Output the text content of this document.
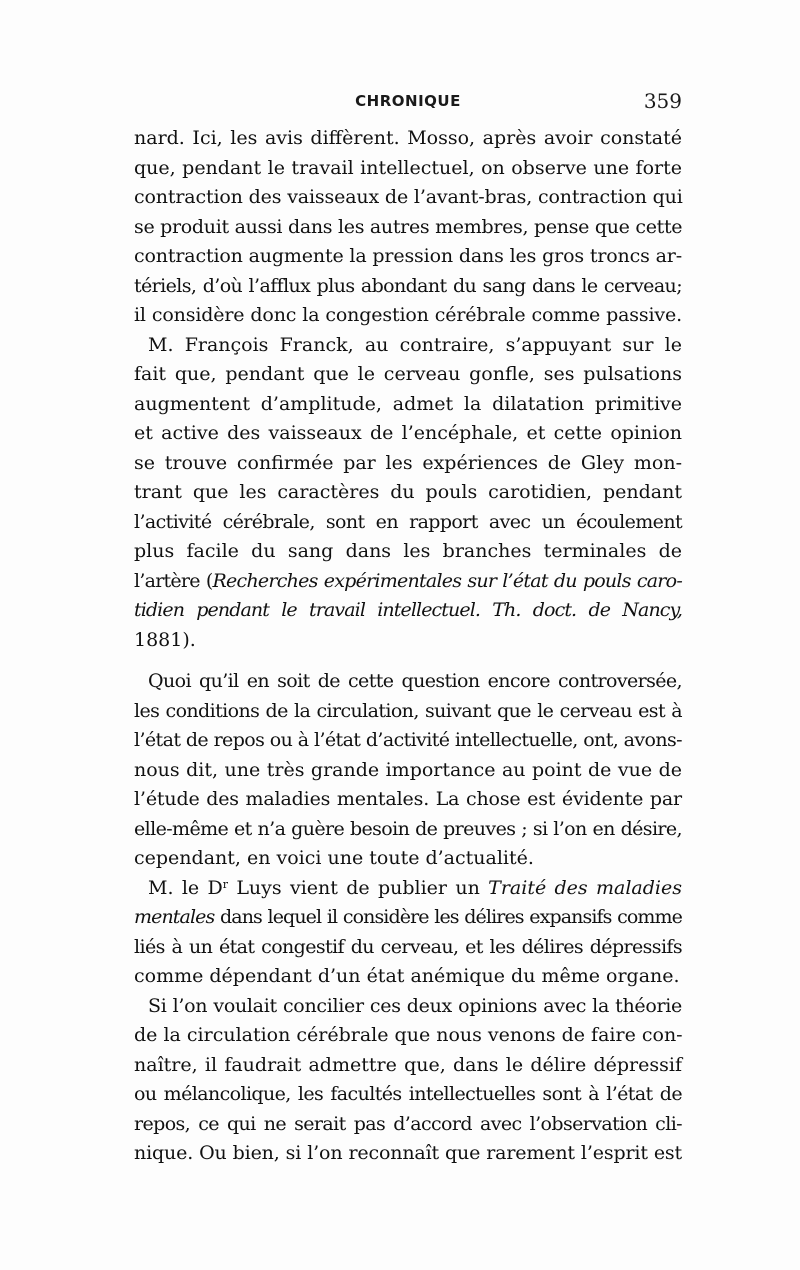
CHRONIQUE	359
nard. Ici, les avis diffèrent. Mosso, après avoir constaté
que, pendant le travail intellectuel, on observe une forte
contraction des vaisseaux de l’avant-bras, contraction qui
se produit aussi dans les autres membres, pense que cette
contraction augmente la pression dans les gros troncs ar-
tériels, d’où l’afflux plus abondant du sang dans le cerveau;
il considère donc la congestion cérébrale comme passive.
M. François Franck, au contraire, s’appuyant sur le
fait que, pendant que le cerveau gonfle, ses pulsations
augmentent d’amplitude, admet la dilatation primitive
et active des vaisseaux de l’encéphale, et cette opinion
se trouve confirmée par les expériences de Gley mon-
trant que les caractères du pouls carotidien, pendant
l’activité cérébrale, sont en rapport avec un écoulement
plus facile du sang dans les branches terminales de
l’artère (Recherches expérimentales sur l’état du pouls caro-
tidien pendant le travail intellectuel. Th. doct. de Nancy,
1881).
Quoi qu’il en soit de cette question encore controversée,
les conditions de la circulation, suivant que le cerveau est à
l’état de repos ou à l’état d’activité intellectuelle, ont, avons-
nous dit, une très grande importance au point de vue de
l’étude des maladies mentales. La chose est évidente par
elle-même et n’a guère besoin de preuves ; si l’on en désire,
cependant, en voici une toute d’actualité.
M. le $D^r$ Luys vient de publier un Traité des maladies
mentales dans lequel il considère les délires expansifs comme
liés à un état congestif du cerveau, et les délires dépressifs
comme dépendant d’un état anémique du même organe.
Si l’on voulait concilier ces deux opinions avec la théorie
de la circulation cérébrale que nous venons de faire con-
naître, il faudrait admettre que, dans le délire dépressif
ou mélancolique, les facultés intellectuelles sont à l’état de
repos, ce qui ne serait pas d’accord avec l’observation cli-
nique. Ou bien, si l’on reconnaît que rarement l’esprit est
